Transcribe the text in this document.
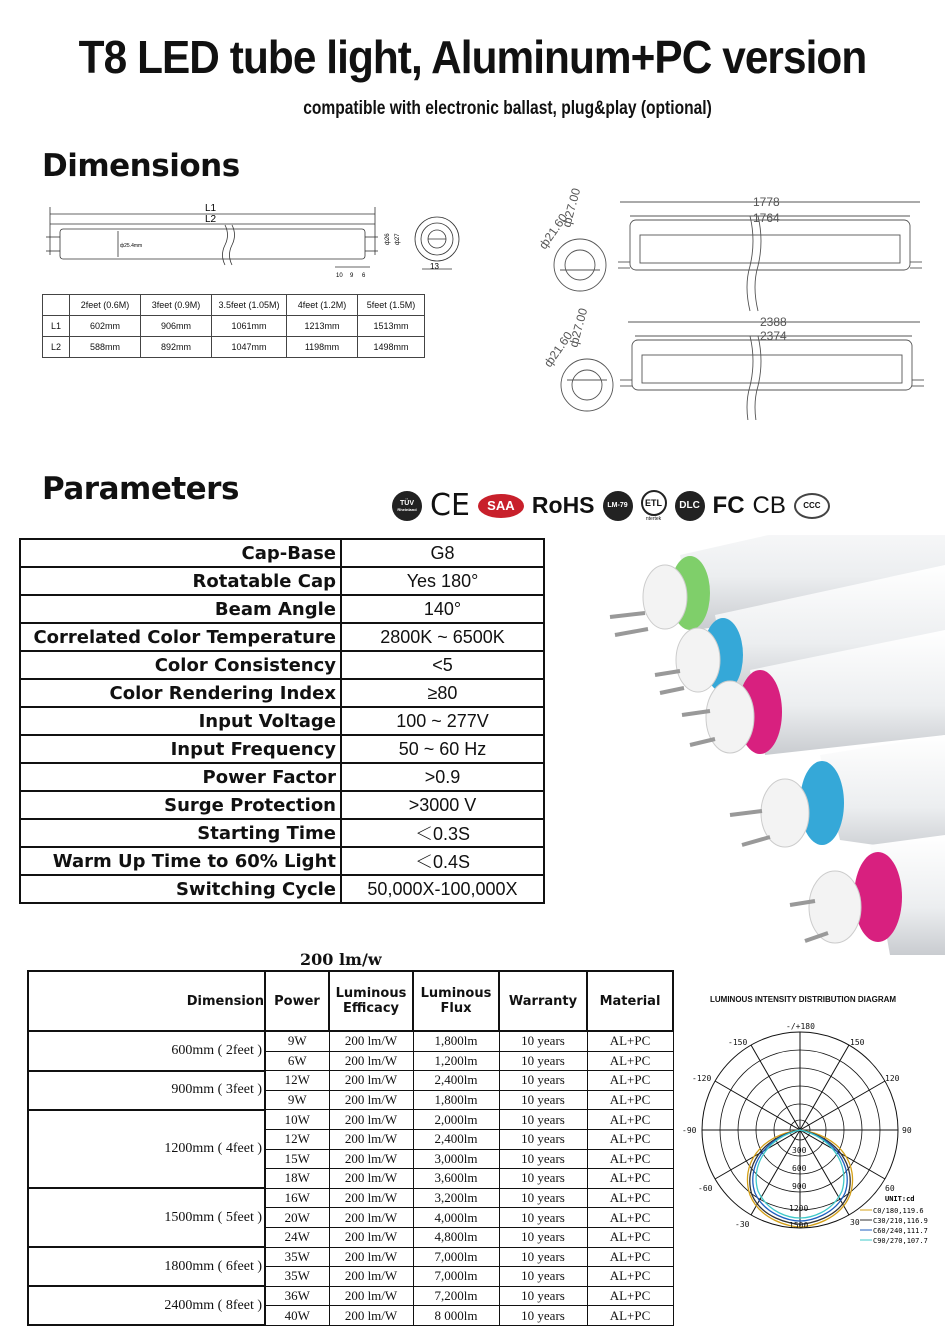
T8 LED tube light, Aluminum+PC version
compatible with electronic ballast, plug&play (optional)
Dimensions
L1
L2
ф25.4mm
10 9 6
13
ф26 ф27
	2feet (0.6M)	3feet (0.9M)	3.5feet (1.05M)	4feet (1.2M)	5feet (1.5M)
L1	602mm	906mm	1061mm	1213mm	1513mm
L2	588mm	892mm	1047mm	1198mm	1498mm
1778
1764
ф27.00
ф21.60
2388
2374
ф27.00
ф21.60
Parameters	TÜV
Rheinland CE	SAA RoHS	LM-79	ETL
ntertek
DLC FC CB	CCC
Cap-Base	G8
Rotatable Cap	Yes 180°
Beam Angle	140°
Correlated Color Temperature	2800K ~ 6500K
Color Consistency	<5
Color Rendering Index	≥80
Input Voltage	100 ~ 277V
Input Frequency	50 ~ 60 Hz
Power Factor	>0.9
Surge Protection	>3000 V
Starting Time	＜0.3S
Warm Up Time to 60% Light	＜0.4S
Switching Cycle	50,000X-100,000X
200 lm/w
Dimension	Power	Luminous Efficacy	Luminous Flux	Warranty	Material
600mm ( 2feet )	9W	200 lm/W	1,800lm	10 years	AL+PC
	6W	200 lm/W	1,200lm	10 years	AL+PC
900mm ( 3feet )	12W	200 lm/W	2,400lm	10 years	AL+PC
	9W	200 lm/W	1,800lm	10 years	AL+PC
1200mm ( 4feet )	10W	200 lm/W	2,000lm	10 years	AL+PC
	12W	200 lm/W	2,400lm	10 years	AL+PC
	15W	200 lm/W	3,000lm	10 years	AL+PC
	18W	200 lm/W	3,600lm	10 years	AL+PC
1500mm ( 5feet )	16W	200 lm/W	3,200lm	10 years	AL+PC
	20W	200 lm/W	4,000lm	10 years	AL+PC
	24W	200 lm/W	4,800lm	10 years	AL+PC
1800mm ( 6feet )	35W	200 lm/W	7,000lm	10 years	AL+PC
	35W	200 lm/W	7,000lm	10 years	AL+PC
2400mm ( 8feet )	36W	200 lm/W	7,200lm	10 years	AL+PC
	40W	200 lm/W	8 000lm	10 years	AL+PC
LUMINOUS INTENSITY DISTRIBUTION DIAGRAM
-/+180
-150	150
-120	120
-90	90
-60	60
-30	30
300
600
900
1200
1500
UNIT:cd
C0/180,119.6
C30/210,116.9
C60/240,111.7
C90/270,107.7
